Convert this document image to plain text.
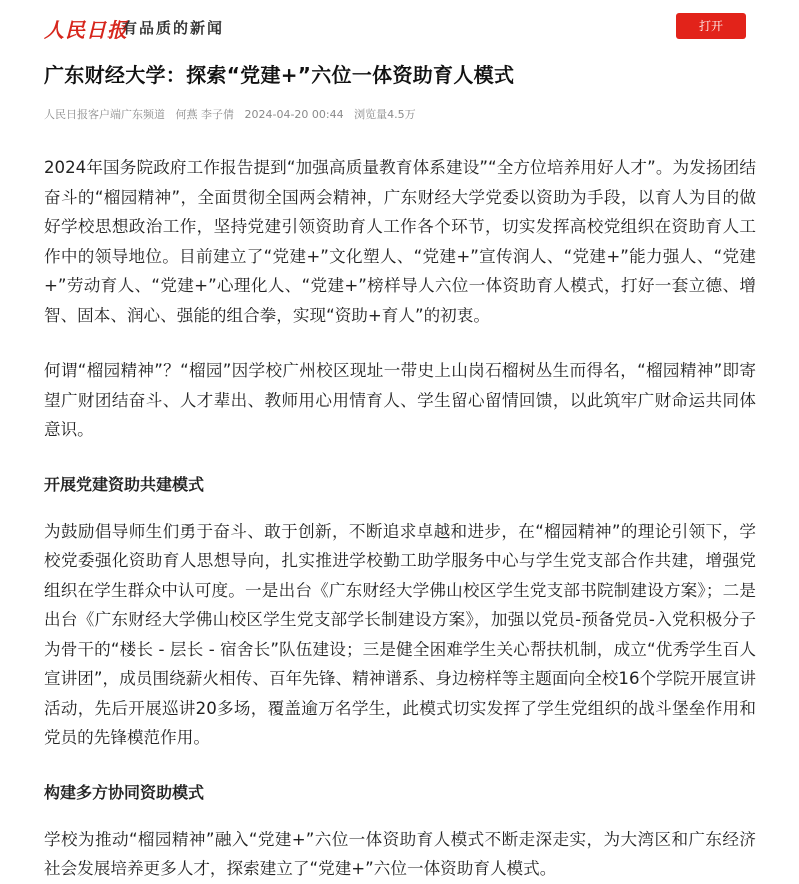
人民日报
有品质的新闻	打开
广东财经大学：探索“党建+”六位一体资助育人模式
人民日报客户端广东频道 何燕 李子倩 2024-04-20 00:44 浏览量4.5万

2024年国务院政府工作报告提到“加强高质量教育体系建设”“全方位培养用好人才”。为发扬团结奋斗的“榴园精神”，全面贯彻全国两会精神，广东财经大学党委以资助为手段，以育人为目的做好学校思想政治工作，坚持党建引领资助育人工作各个环节，切实发挥高校党组织在资助育人工作中的领导地位。目前建立了“党建+”文化塑人、“党建+”宣传润人、“党建+”能力强人、“党建+”劳动育人、“党建+”心理化人、“党建+”榜样导人六位一体资助育人模式，打好一套立德、增智、固本、润心、强能的组合拳，实现“资助+育人”的初衷。

何谓“榴园精神”？“榴园”因学校广州校区现址一带史上山岗石榴树丛生而得名，“榴园精神”即寄望广财团结奋斗、人才辈出、教师用心用情育人、学生留心留情回馈，以此筑牢广财命运共同体意识。

开展党建资助共建模式

为鼓励倡导师生们勇于奋斗、敢于创新，不断追求卓越和进步，在“榴园精神”的理论引领下，学校党委强化资助育人思想导向，扎实推进学校勤工助学服务中心与学生党支部合作共建，增强党组织在学生群众中认可度。一是出台《广东财经大学佛山校区学生党支部书院制建设方案》；二是出台《广东财经大学佛山校区学生党支部学长制建设方案》，加强以党员-预备党员-入党积极分子为骨干的“楼长 - 层长 - 宿舍长”队伍建设；三是健全困难学生关心帮扶机制，成立“优秀学生百人宣讲团”，成员围绕薪火相传、百年先锋、精神谱系、身边榜样等主题面向全校16个学院开展宣讲活动，先后开展巡讲20多场，覆盖逾万名学生，此模式切实发挥了学生党组织的战斗堡垒作用和党员的先锋模范作用。

构建多方协同资助模式

学校为推动“榴园精神”融入“党建+”六位一体资助育人模式不断走深走实，为大湾区和广东经济社会发展培养更多人才，探索建立了“党建+”六位一体资助育人模式。
